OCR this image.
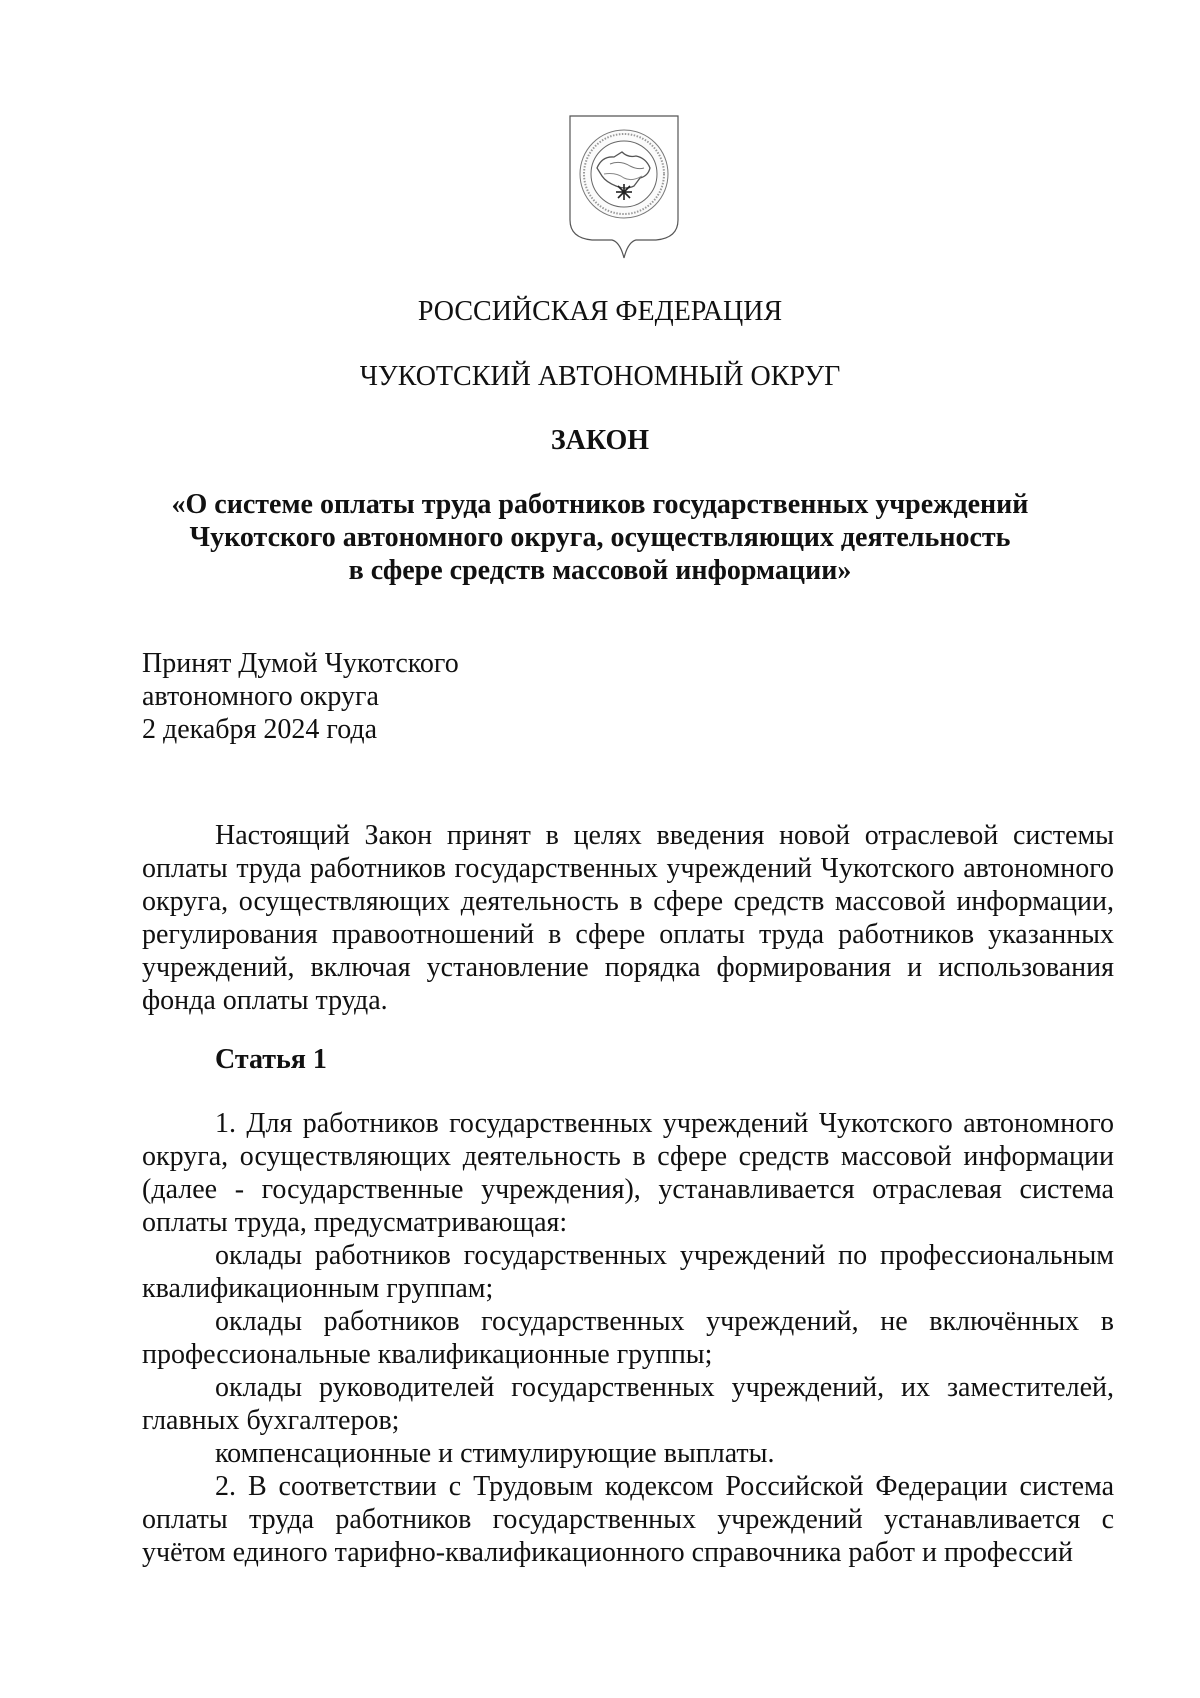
РОССИЙСКАЯ ФЕДЕРАЦИЯ
ЧУКОТСКИЙ АВТОНОМНЫЙ ОКРУГ
ЗАКОН
«О системе оплаты труда работников государственных учреждений
Чукотского автономного округа, осуществляющих деятельность
в сфере средств массовой информации»
Принят Думой Чукотского
автономного округа
2 декабря 2024 года

Настоящий Закон принят в целях введения новой отраслевой системы оплаты труда работников государственных учреждений Чукотского автономного округа, осуществляющих деятельность в сфере средств массовой информации, регулирования правоотношений в сфере оплаты труда работников указанных учреждений, включая установление порядка формирования и использования фонда оплаты труда.

Статья 1

1. Для работников государственных учреждений Чукотского автономного округа, осуществляющих деятельность в сфере средств массовой информации (далее - государственные учреждения), устанавливается отраслевая система оплаты труда, предусматривающая:

оклады работников государственных учреждений по профессиональным квалификационным группам;

оклады работников государственных учреждений, не включённых в профессиональные квалификационные группы;

оклады руководителей государственных учреждений, их заместителей, главных бухгалтеров;

компенсационные и стимулирующие выплаты.

2. В соответствии с Трудовым кодексом Российской Федерации система оплаты труда работников государственных учреждений устанавливается с учётом единого тарифно-квалификационного справочника работ и профессий
